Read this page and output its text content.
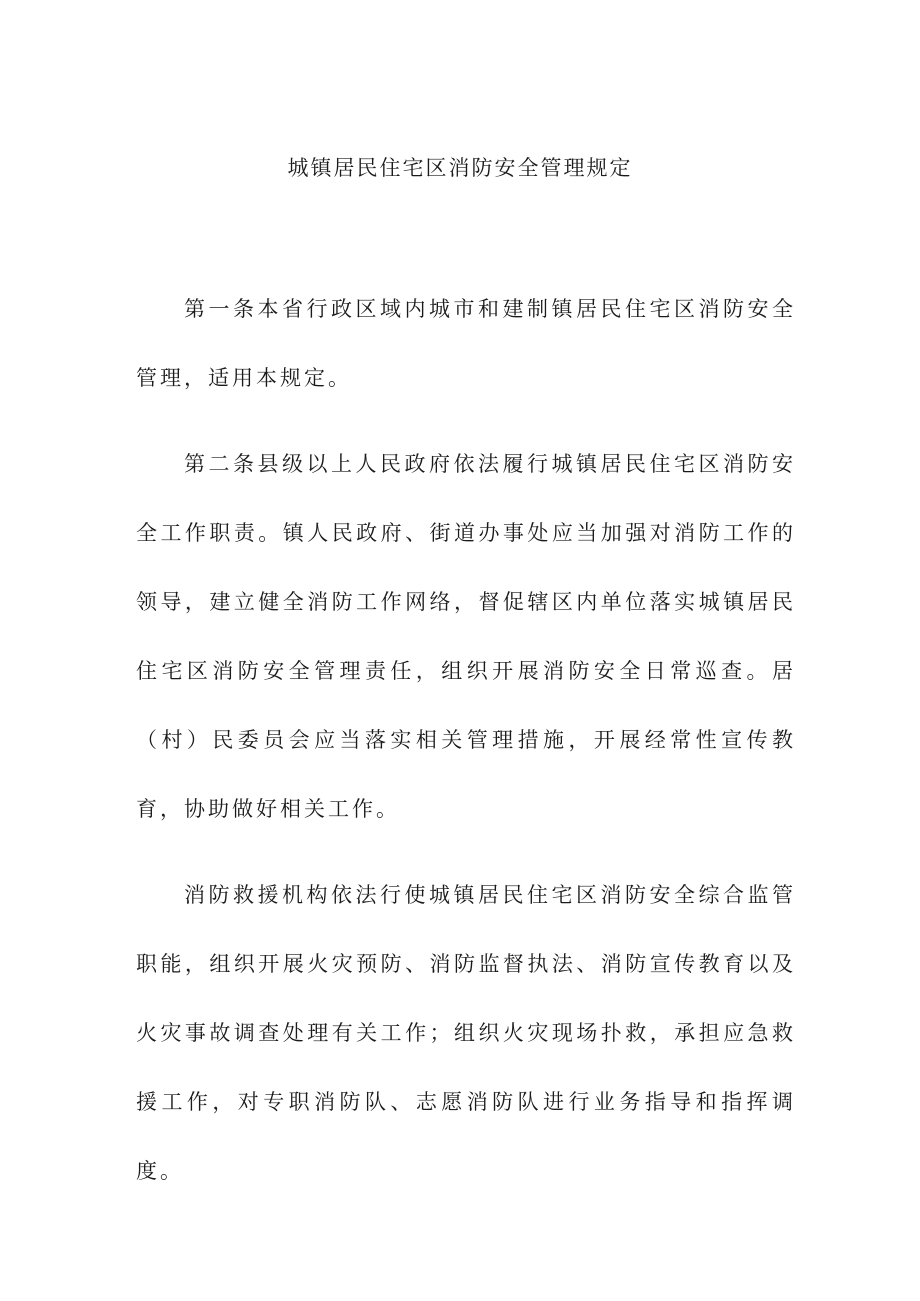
城镇居民住宅区消防安全管理规定

第一条本省行政区域内城市和建制镇居民住宅区消防安全管理，适用本规定。

第二条县级以上人民政府依法履行城镇居民住宅区消防安全工作职责。镇人民政府、街道办事处应当加强对消防工作的领导，建立健全消防工作网络，督促辖区内单位落实城镇居民住宅区消防安全管理责任，组织开展消防安全日常巡查。居（村）民委员会应当落实相关管理措施，开展经常性宣传教育，协助做好相关工作。

消防救援机构依法行使城镇居民住宅区消防安全综合监管职能，组织开展火灾预防、消防监督执法、消防宣传教育以及火灾事故调查处理有关工作；组织火灾现场扑救，承担应急救援工作，对专职消防队、志愿消防队进行业务指导和指挥调度。
